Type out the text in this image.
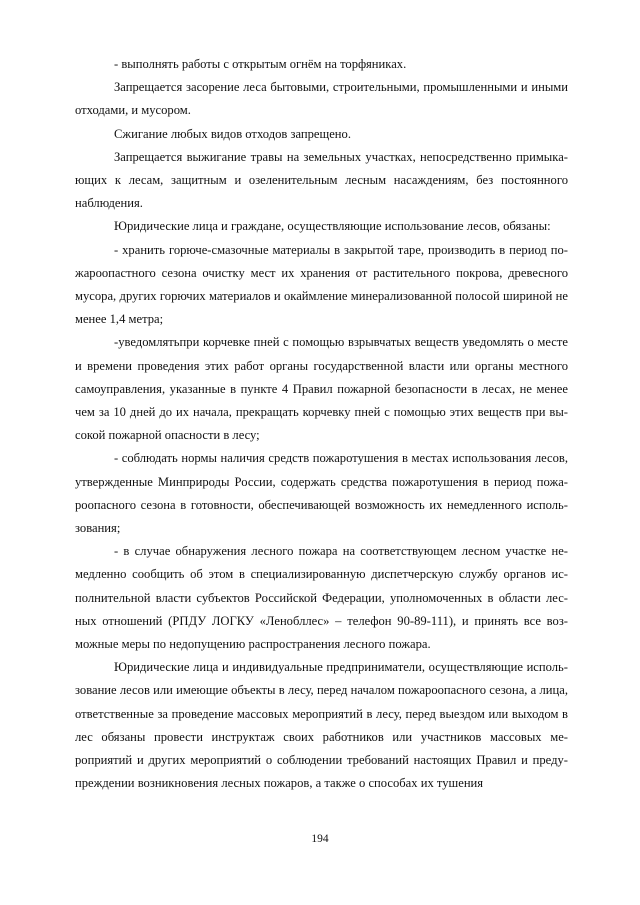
- выполнять работы с открытым огнём на торфяниках.

Запрещается засорение леса бытовыми, строительными, промышленными и иными отходами, и мусором.

Сжигание любых видов отходов запрещено.

Запрещается выжигание травы на земельных участках, непосредственно примыкающих к лесам, защитным и озеленительным лесным насаждениям, без постоянного наблюдения.

Юридические лица и граждане, осуществляющие использование лесов, обязаны:

- хранить горюче-смазочные материалы в закрытой таре, производить в период пожароопастного сезона очистку мест их хранения от растительного покрова, древесного мусора, других горючих материалов и окаймление минерализованной полосой шириной не менее 1,4 метра;

-уведомлятьпри корчевке пней с помощью взрывчатых веществ уведомлять о месте и времени проведения этих работ органы государственной власти или органы местного самоуправления, указанные в пункте 4 Правил пожарной безопасности в лесах, не менее чем за 10 дней до их начала, прекращать корчевку пней с помощью этих веществ при высокой пожарной опасности в лесу;

- соблюдать нормы наличия средств пожаротушения в местах использования лесов, утвержденные Минприроды России, содержать средства пожаротушения в период пожароопасного сезона в готовности, обеспечивающей возможность их немедленного использования;

- в случае обнаружения лесного пожара на соответствующем лесном участке немедленно сообщить об этом в специализированную диспетчерскую службу органов исполнительной власти субъектов Российской Федерации, уполномоченных в области лесных отношений (РПДУ ЛОГКУ «Ленобллес» – телефон 90-89-111), и принять все возможные меры по недопущению распространения лесного пожара.

Юридические лица и индивидуальные предприниматели, осуществляющие использование лесов или имеющие объекты в лесу, перед началом пожароопасного сезона, а лица, ответственные за проведение массовых мероприятий в лесу, перед выездом или выходом в лес обязаны провести инструктаж своих работников или участников массовых мероприятий и других мероприятий о соблюдении требований настоящих Правил и предупреждении возникновения лесных пожаров, а также о способах их тушения

194
